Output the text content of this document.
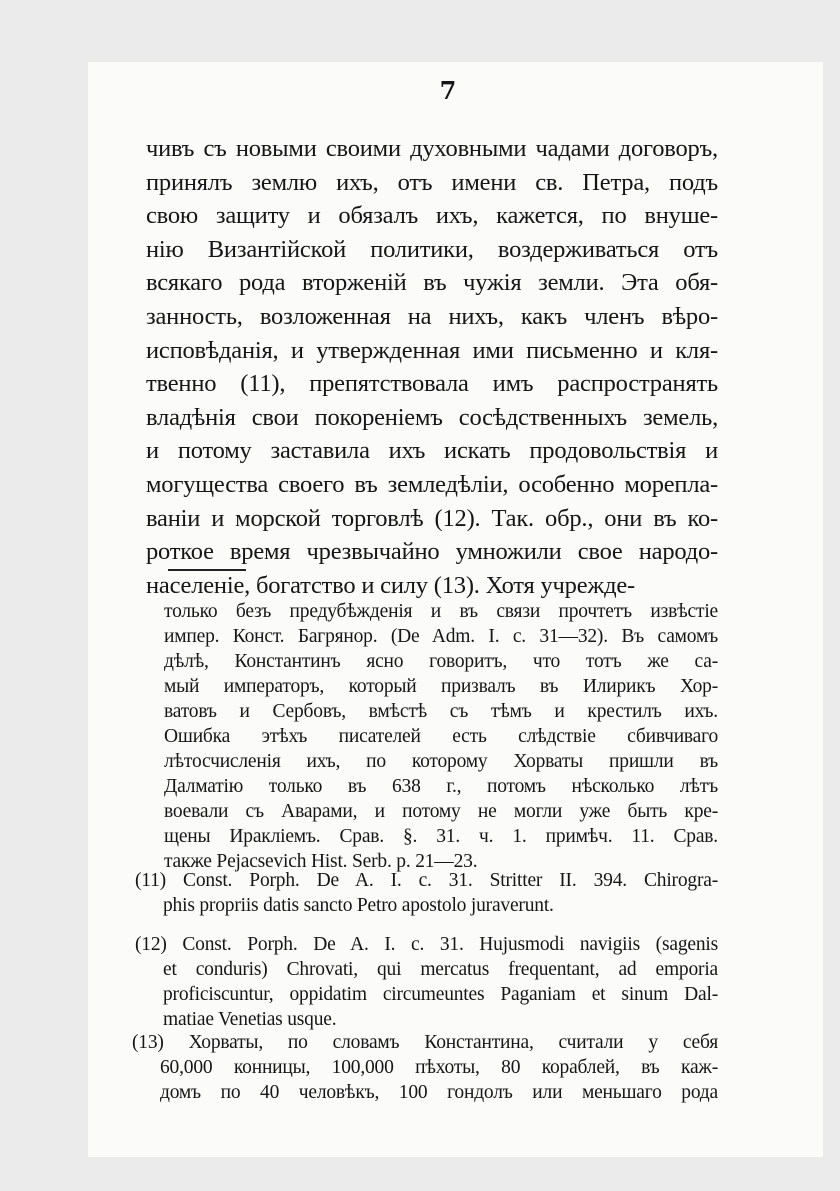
7
чивъ съ новыми своими духовными чадами договоръ,
принялъ землю ихъ, отъ имени св. Петра, подъ
свою защиту и обязалъ ихъ, кажется, по внуше-
нію Византійской политики, воздерживаться отъ
всякаго рода вторженій въ чужія земли. Эта обя-
занность, возложенная на нихъ, какъ членъ вѣро-
исповѣданія, и утвержденная ими письменно и кля-
твенно (11), препятствовала имъ распространять
владѣнія свои покореніемъ сосѣдственныхъ земель,
и потому заставила ихъ искать продовольствія и
могущества своего въ земледѣліи, особенно морепла-
ваніи и морской торговлѣ (12). Так. обр., они въ ко-
роткое время чрезвычайно умножили свое народо-
населеніе, богатство и силу (13). Хотя учрежде-
только безъ предубѣжденія и въ связи прочтетъ извѣстіе
импер. Конст. Багрянор. (De Adm. I. c. 31—32). Въ самомъ
дѣлѣ, Константинъ ясно говоритъ, что тотъ же са-
мый императоръ, который призвалъ въ Илирикъ Хор-
ватовъ и Сербовъ, вмѣстѣ съ тѣмъ и крестилъ ихъ.
Ошибка этѣхъ писателей есть слѣдствіе сбивчиваго
лѣтосчисленія ихъ, по которому Хорваты пришли въ
Далматію только въ 638 г., потомъ нѣсколько лѣтъ
воевали съ Аварами, и потому не могли уже быть кре-
щены Иракліемъ. Срав. §. 31. ч. 1. примѣч. 11. Срав.
также Pejacsevich Hist. Serb. p. 21—23.
(11) Const. Porph. De A. I. c. 31. Stritter II. 394. Chirogra-
phis propriis datis sancto Petro apostolo juraverunt.
(12) Const. Porph. De A. I. c. 31. Hujusmodi navigiis (sagenis
et conduris) Chrovati, qui mercatus frequentant, ad emporia
proficiscuntur, oppidatim circumeuntes Paganiam et sinum Dal-
matiae Venetias usque.
(13) Хорваты, по словамъ Константина, считали у себя
60,000 конницы, 100,000 пѣхоты, 80 кораблей, въ каж-
домъ по 40 человѣкъ, 100 гондолъ или меньшаго рода
